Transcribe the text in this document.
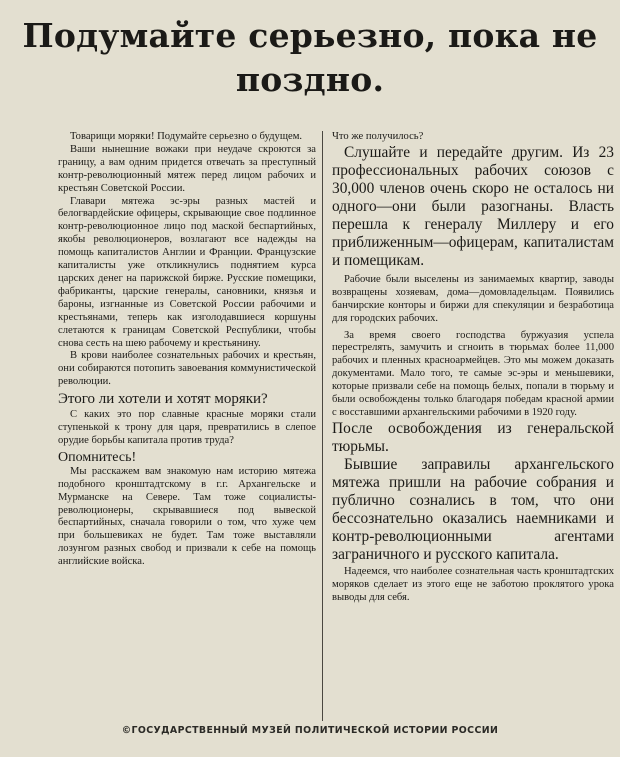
Подумайте серьезно, пока не поздно.

Товарищи моряки! Подумайте серьезно о будущем.

Ваши нынешние вожаки при неудаче скроются за границу, а вам одним придется отвечать за преступный контр-революционный мятеж перед лицом рабочих и крестьян Советской России.

Главари мятежа эс-эры разных мастей и белогвардейские офицеры, скрывающие свое подлинное контр-революционное лицо под маской беспартийных, якобы революционеров, возлагают все надежды на помощь капиталистов Англии и Франции. Французские капиталисты уже откликнулись поднятием курса царских денег на парижской бирже. Русские помещики, фабриканты, царские генералы, сановники, князья и бароны, изгнанные из Советской России рабочими и крестьянами, теперь как изголодавшиеся коршуны слетаются к границам Советской Республики, чтобы снова сесть на шею рабочему и крестьянину.

В крови наиболее сознательных рабочих и крестьян, они собираются потопить завоевания коммунистической революции.

Этого ли хотели и хотят моряки?

С каких это пор славные красные моряки стали ступенькой к трону для царя, превратились в слепое орудие борьбы капитала против труда?

Опомнитесь!

Мы расскажем вам знакомую нам историю мятежа подобного кронштадтскому в г.г. Архангельске и Мурманске на Севере. Там тоже социалисты-революционеры, скрывавшиеся под вывеской беспартийных, сначала говорили о том, что хуже чем при большевиках не будет. Там тоже выставляли лозунгом разных свобод и призвали к себе на помощь английские войска.

Что же получилось?

Слушайте и передайте другим. Из 23 профессиональных рабочих союзов с 30,000 членов очень скоро не осталось ни одного—они были разогнаны. Власть перешла к генералу Миллеру и его приближенным—офицерам, капиталистам и помещикам.

Рабочие были выселены из занимаемых квартир, заводы возвращены хозяевам, дома—домовладельцам. Появились банчирские конторы и биржи для спекуляции и безработица для городских рабочих.

За время своего господства буржуазия успела перестрелять, замучить и сгноить в тюрьмах более 11,000 рабочих и пленных красноармейцев. Это мы можем доказать документами. Мало того, те самые эс-эры и меньшевики, которые призвали себе на помощь белых, попали в тюрьму и были освобождены только благодаря победам красной армии с восставшими архангельскими рабочими в 1920 году.

После освобождения из генеральской тюрьмы.

Бывшие заправилы архангельского мятежа пришли на рабочие собрания и публично сознались в том, что они бессознательно оказались наемниками и контр-революционными агентами заграничного и русского капитала.

Надеемся, что наиболее сознательная часть кронштадтских моряков сделает из этого еще не заботою проклятого урока выводы для себя.

©ГОСУДАРСТВЕННЫЙ МУЗЕЙ ПОЛИТИЧЕСКОЙ ИСТОРИИ РОССИИ
